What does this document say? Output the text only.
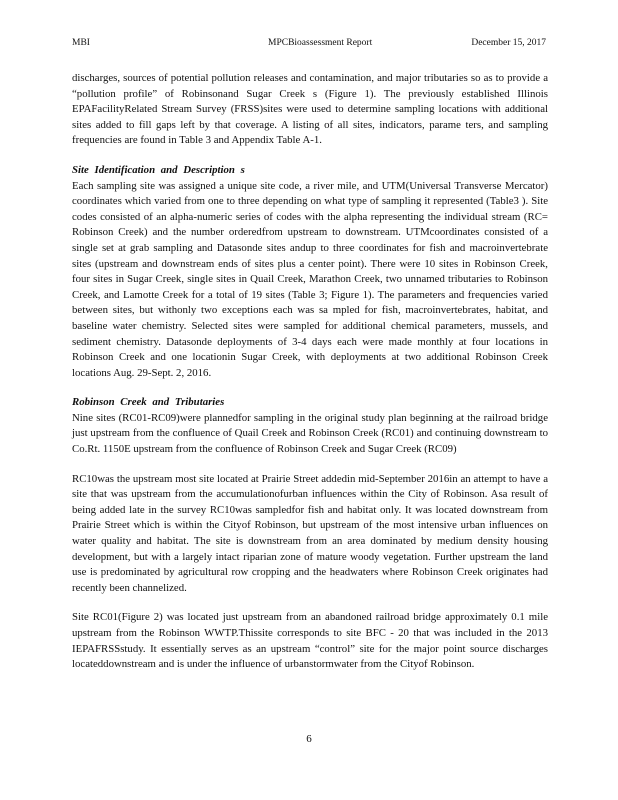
MBI	MPCBioassessment Report	December 15, 2017

discharges, sources of potential pollution releases and contamination, and major tributaries so as to provide a “pollution profile” of Robinsonand Sugar Creek s (Figure 1). The previously established Illinois EPAFacilityRelated Stream Survey (FRSS)sites were used to determine sampling locations with additional sites added to fill gaps left by that coverage. A listing of all sites, indicators, parame ters, and sampling frequencies are found in Table 3 and Appendix Table A-1.

Site Identification and Description s

Each sampling site was assigned a unique site code, a river mile, and UTM(Universal Transverse Mercator) coordinates which varied from one to three depending on what type of sampling it represented (Table3 ). Site codes consisted of an alpha-numeric series of codes with the alpha representing the individual stream (RC= Robinson Creek) and the number orderedfrom upstream to downstream. UTMcoordinates consisted of a single set at grab sampling and Datasonde sites andup to three coordinates for fish and macroinvertebrate sites (upstream and downstream ends of sites plus a center point). There were 10 sites in Robinson Creek, four sites in Sugar Creek, single sites in Quail Creek, Marathon Creek, two unnamed tributaries to Robinson Creek, and Lamotte Creek for a total of 19 sites (Table 3; Figure 1). The parameters and frequencies varied between sites, but withonly two exceptions each was sa mpled for fish, macroinvertebrates, habitat, and baseline water chemistry. Selected sites were sampled for additional chemical parameters, mussels, and sediment chemistry. Datasonde deployments of 3-4 days each were made monthly at four locations in Robinson Creek and one locationin Sugar Creek, with deployments at two additional Robinson Creek locations Aug. 29-Sept. 2, 2016.

Robinson Creek and Tributaries

Nine sites (RC01-RC09)were plannedfor sampling in the original study plan beginning at the railroad bridge just upstream from the confluence of Quail Creek and Robinson Creek (RC01) and continuing downstream to Co.Rt. 1150E upstream from the confluence of Robinson Creek and Sugar Creek (RC09)

RC10was the upstream most site located at Prairie Street addedin mid-September 2016in an attempt to have a site that was upstream from the accumulationofurban influences within the City of Robinson. Asa result of being added late in the survey RC10was sampledfor fish and habitat only. It was located downstream from Prairie Street which is within the Cityof Robinson, but upstream of the most intensive urban influences on water quality and habitat. The site is downstream from an area dominated by medium density housing development, but with a largely intact riparian zone of mature woody vegetation. Further upstream the land use is predominated by agricultural row cropping and the headwaters where Robinson Creek originates had recently been channelized.

Site RC01(Figure 2) was located just upstream from an abandoned railroad bridge approximately 0.1 mile upstream from the Robinson WWTP.Thissite corresponds to site BFC - 20 that was included in the 2013 IEPAFRSSstudy. It essentially serves as an upstream “control” site for the major point source discharges locateddownstream and is under the influence of urbanstormwater from the Cityof Robinson.

6
